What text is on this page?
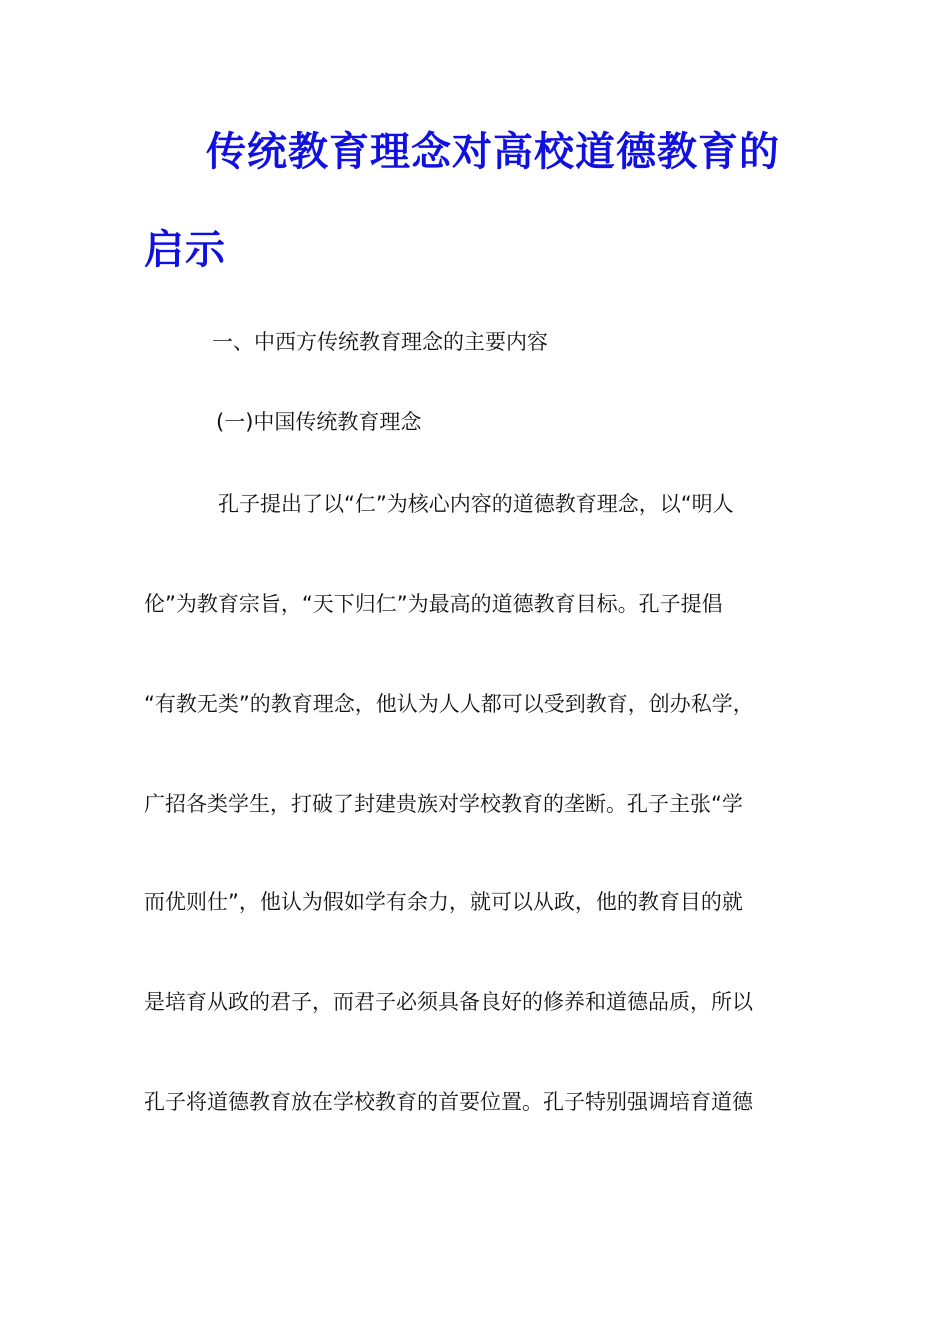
传统教育理念对高校道德教育的
启示
一、中西方传统教育理念的主要内容
(一)中国传统教育理念
孔子提出了以“仁”为核心内容的道德教育理念，以“明人
伦”为教育宗旨，“天下归仁”为最高的道德教育目标。孔子提倡
“有教无类”的教育理念，他认为人人都可以受到教育，创办私学，
广招各类学生，打破了封建贵族对学校教育的垄断。孔子主张“学
而优则仕”，他认为假如学有余力，就可以从政，他的教育目的就
是培育从政的君子，而君子必须具备良好的修养和道德品质，所以
孔子将道德教育放在学校教育的首要位置。孔子特别强调培育道德
